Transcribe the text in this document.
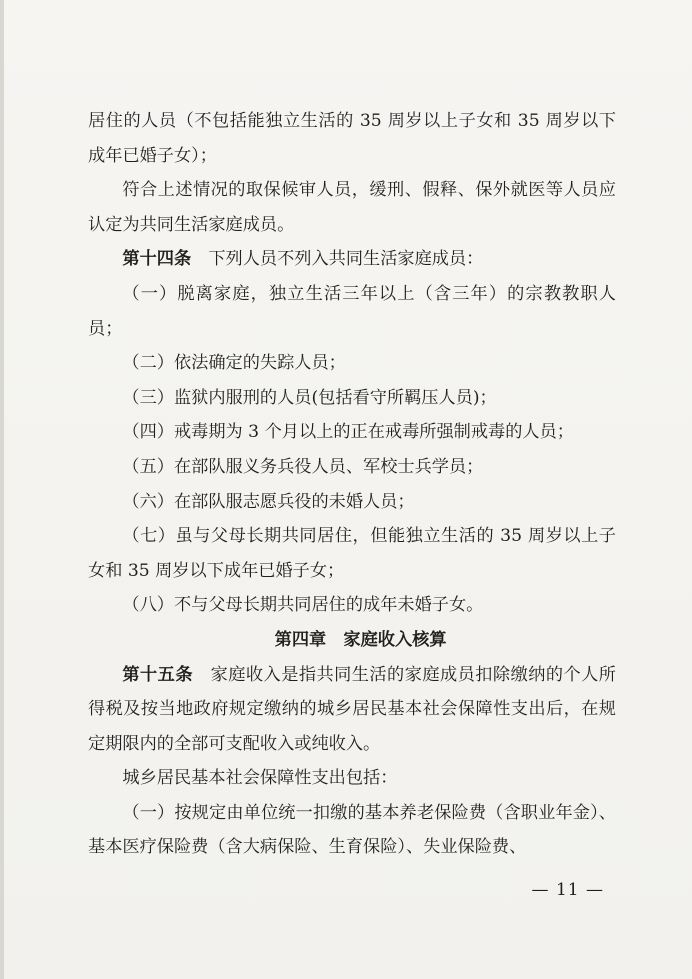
居住的人员（不包括能独立生活的 35 周岁以上子女和 35 周岁以下成年已婚子女）；

符合上述情况的取保候审人员，缓刑、假释、保外就医等人员应认定为共同生活家庭成员。

第十四条　下列人员不列入共同生活家庭成员：

（一）脱离家庭，独立生活三年以上（含三年）的宗教教职人员；

（二）依法确定的失踪人员；

（三）监狱内服刑的人员(包括看守所羁压人员)；

（四）戒毒期为 3 个月以上的正在戒毒所强制戒毒的人员；

（五）在部队服义务兵役人员、军校士兵学员；

（六）在部队服志愿兵役的未婚人员；

（七）虽与父母长期共同居住，但能独立生活的 35 周岁以上子女和 35 周岁以下成年已婚子女；

（八）不与父母长期共同居住的成年未婚子女。

第四章　家庭收入核算

第十五条　家庭收入是指共同生活的家庭成员扣除缴纳的个人所得税及按当地政府规定缴纳的城乡居民基本社会保障性支出后，在规定期限内的全部可支配收入或纯收入。

城乡居民基本社会保障性支出包括：

（一）按规定由单位统一扣缴的基本养老保险费（含职业年金）、基本医疗保险费（含大病保险、生育保险）、失业保险费、

— 11 —
